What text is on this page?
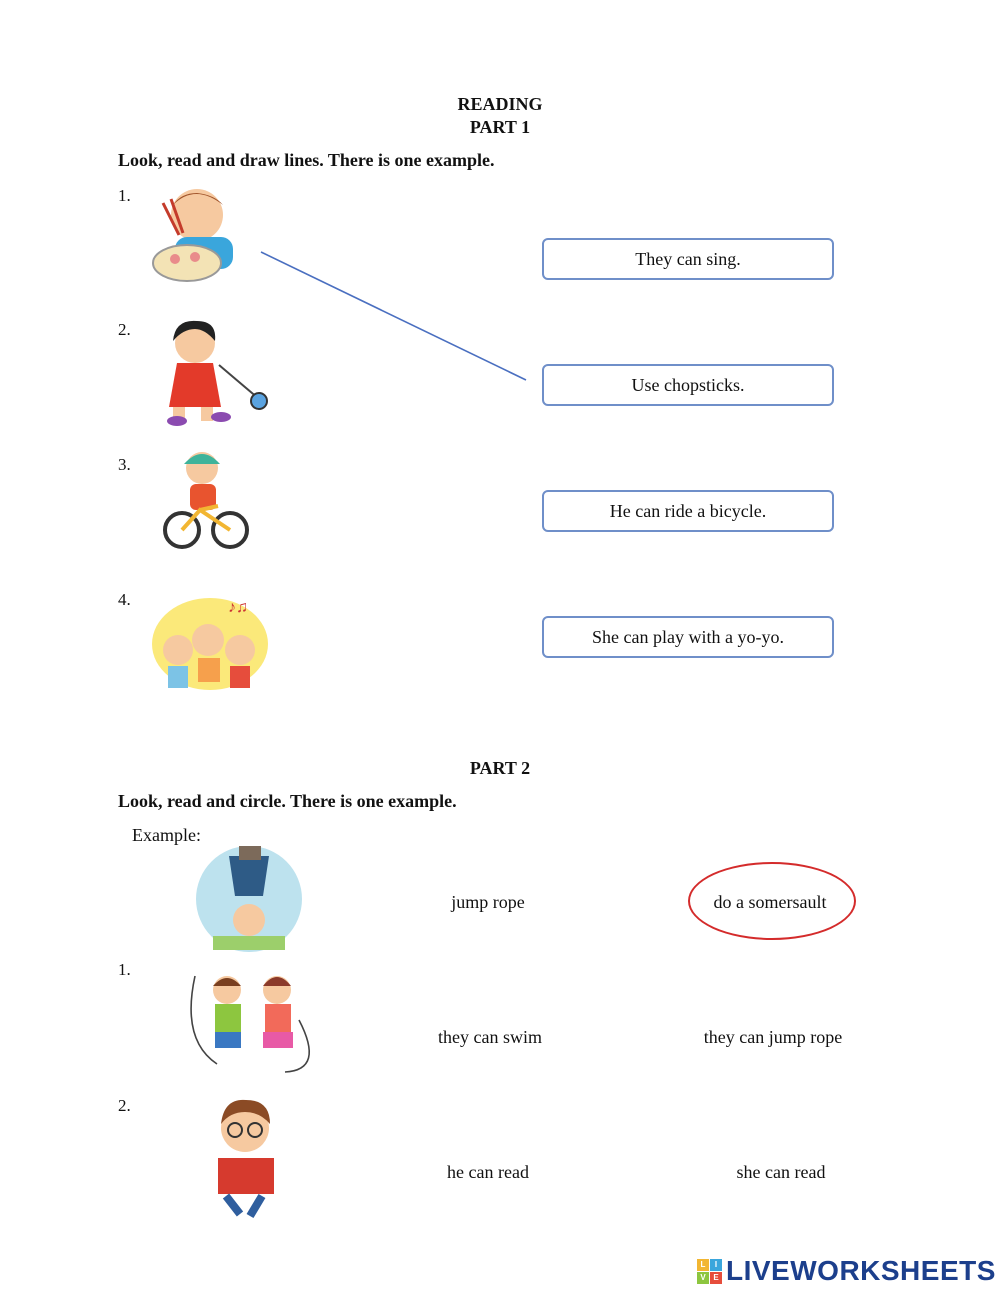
READING
PART 1
Look, read and draw lines. There is one example.
1.
2.
3.
4.	♪♫
They can sing.
Use chopsticks.
He can ride a bicycle.
She can play with a yo-yo.
PART 2
Look, read and circle. There is one example.
Example:
jump rope	do a somersault
1.
they can swim	they can jump rope
2.
he can read	she can read
L	I
V E LIVEWORKSHEETS
